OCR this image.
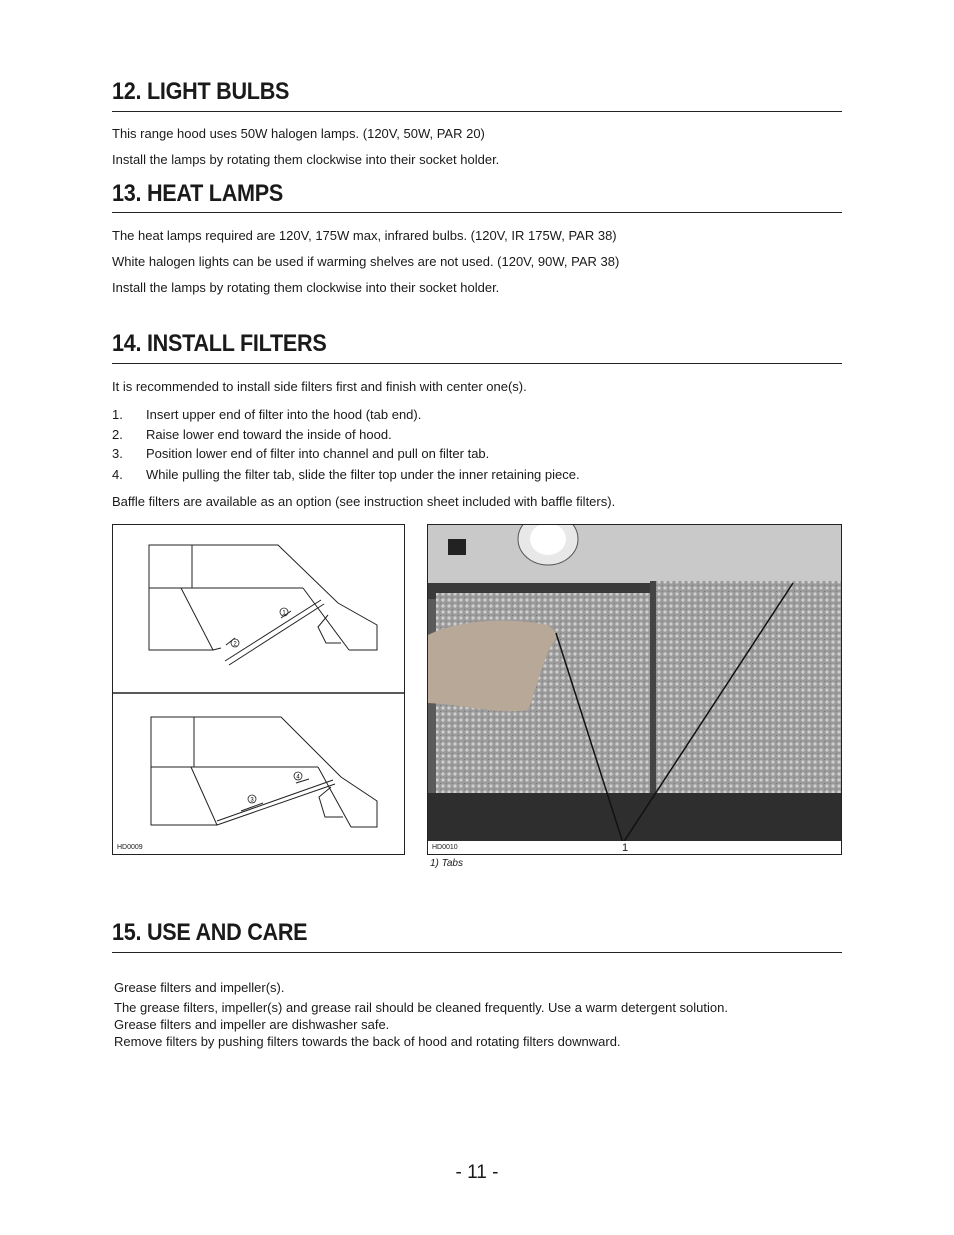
12. LIGHT BULBS

This range hood uses 50W halogen lamps. (120V, 50W, PAR 20)

Install the lamps by rotating them clockwise into their socket holder.

13. HEAT LAMPS

The heat lamps required are 120V, 175W max, infrared bulbs. (120V, IR 175W, PAR 38)

White halogen lights can be used if warming shelves are not used. (120V, 90W, PAR 38)

Install the lamps by rotating them clockwise into their socket holder.

14. INSTALL FILTERS

It is recommended to install side filters first and finish with center one(s).

1. Insert upper end of filter into the hood (tab end).
2. Raise lower end toward the inside of hood.
3. Position lower end of filter into channel and pull on filter tab.
4. While pulling the filter tab, slide the filter top under the inner retaining piece.

Baffle filters are available as an option (see instruction sheet included with baffle filters).

1
2
4
3
HD0009	HD0010	1
1) Tabs
15. USE AND CARE

Grease filters and impeller(s).

The grease filters, impeller(s) and grease rail should be cleaned frequently. Use a warm detergent solution.

Grease filters and impeller are dishwasher safe.

Remove filters by pushing filters towards the back of hood and rotating filters downward.

- 11 -
